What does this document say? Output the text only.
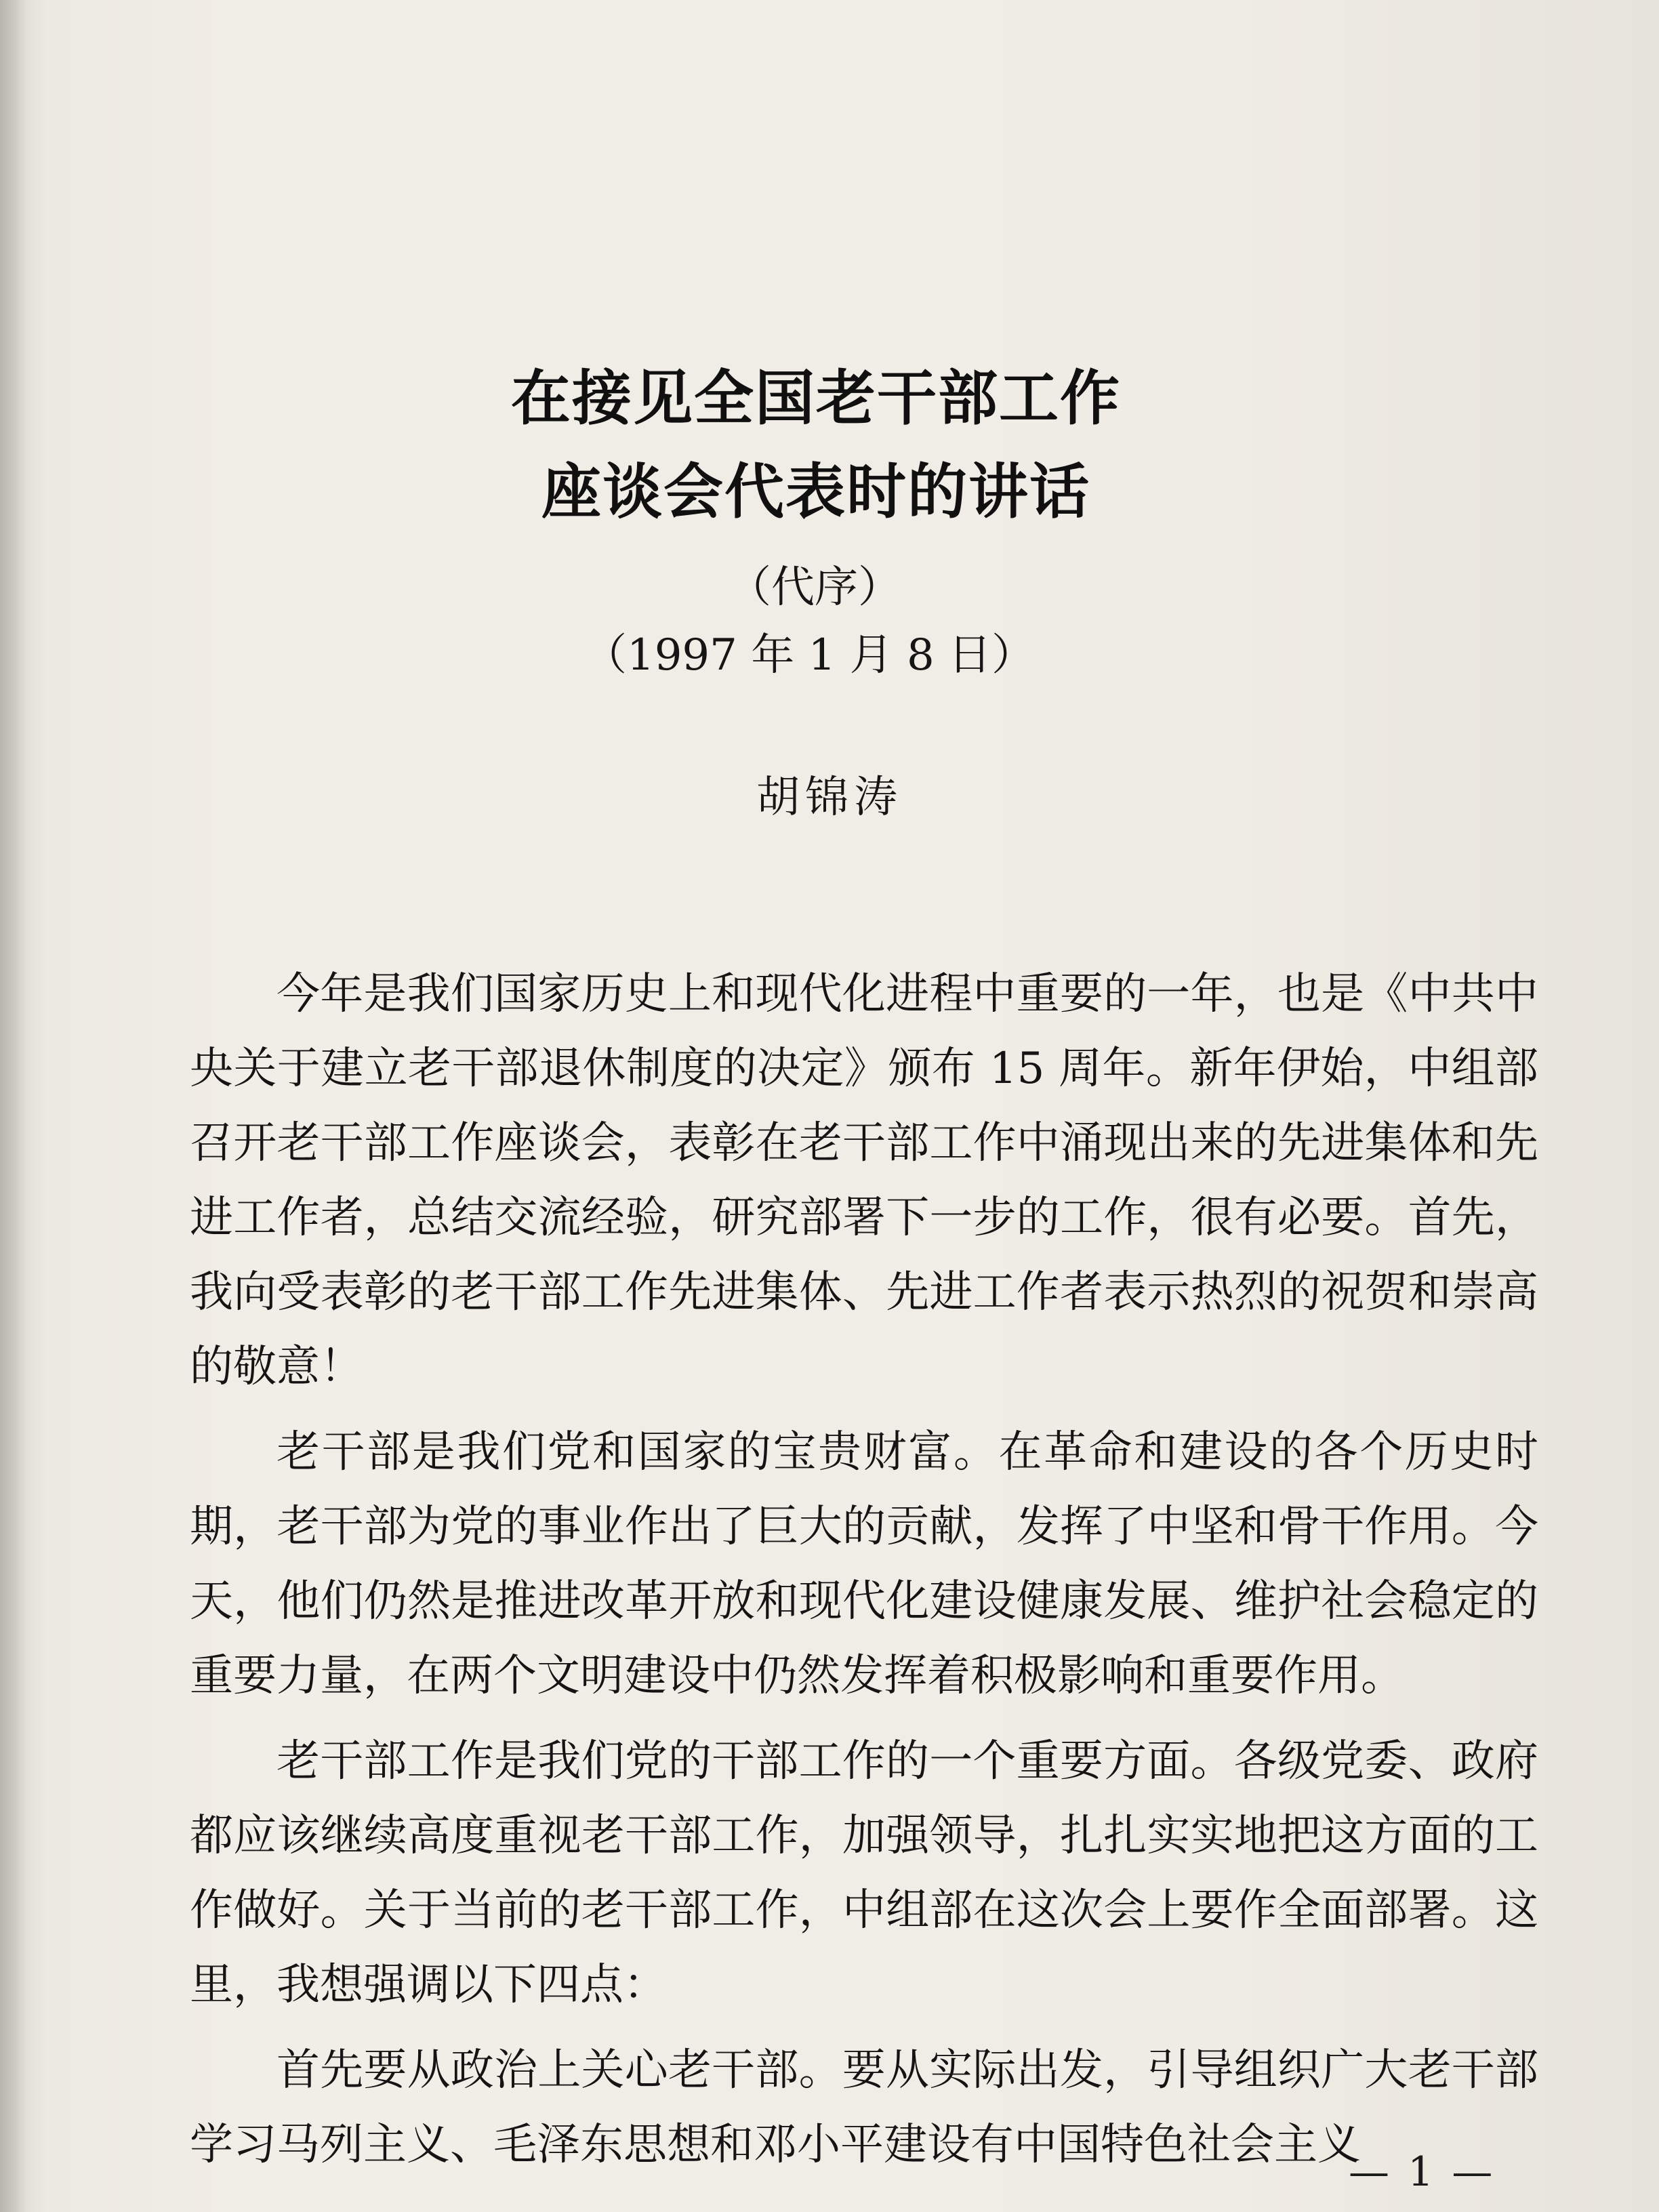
在接见全国老干部工作
座谈会代表时的讲话
（代序）
（1997 年 1 月 8 日）
胡锦涛

今年是我们国家历史上和现代化进程中重要的一年，也是《中共中央关于建立老干部退休制度的决定》颁布 15 周年。新年伊始，中组部召开老干部工作座谈会，表彰在老干部工作中涌现出来的先进集体和先进工作者，总结交流经验，研究部署下一步的工作，很有必要。首先，我向受表彰的老干部工作先进集体、先进工作者表示热烈的祝贺和崇高的敬意！

老干部是我们党和国家的宝贵财富。在革命和建设的各个历史时期，老干部为党的事业作出了巨大的贡献，发挥了中坚和骨干作用。今天，他们仍然是推进改革开放和现代化建设健康发展、维护社会稳定的重要力量，在两个文明建设中仍然发挥着积极影响和重要作用。

老干部工作是我们党的干部工作的一个重要方面。各级党委、政府都应该继续高度重视老干部工作，加强领导，扎扎实实地把这方面的工作做好。关于当前的老干部工作，中组部在这次会上要作全面部署。这里，我想强调以下四点：

首先要从政治上关心老干部。要从实际出发，引导组织广大老干部学习马列主义、毛泽东思想和邓小平建设有中国特色社会主义

— 1 —
